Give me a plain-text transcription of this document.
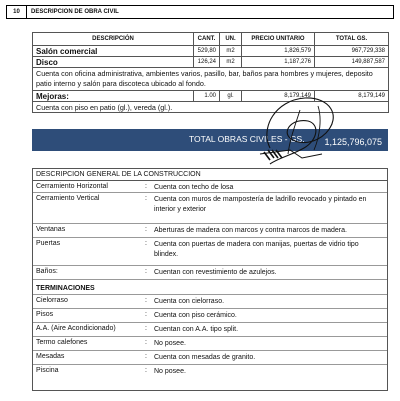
10	DESCRIPCION DE OBRA CIVIL
DESCRIPCIÓN	CANT.	UN.	PRECIO UNITARIO	TOTAL GS.
Salón comercial	529,80	m2	1,826,579	967,729,338
Disco	126,24	m2	1,187,276	149,887,587
Cuenta con oficina administrativa, ambientes varios, pasillo, bar, baños para hombres y mujeres, deposito patio interno y salón para discoteca ubicado al fondo.				
Mejoras:	1.00	gl.	8,179,149	8,179,149
Cuenta con piso en patio (gl.), vereda (gl.).				
TOTAL OBRAS CIVILES - GS. 1,125,796,075
DESCRIPCION GENERAL DE LA CONSTRUCCION
Cerramiento Horizontal	: Cuenta con techo de losa
Cerramiento Vertical	: Cuenta con muros de mampostería de ladrillo revocado y pintado en interior y exterior
Ventanas	: Aberturas de madera con marcos y contra marcos de madera.
Puertas	: Cuenta con puertas de madera con manijas, puertas de vidrio tipo blindex.
Baños:	: Cuentan con revestimiento de azulejos.
TERMINACIONES
Cielorraso	: Cuenta con cielorraso.
Pisos	: Cuenta con piso cerámico.
A.A. (Aire Acondicionado)	: Cuentan con A.A. tipo split.
Termo calefones	: No posee.
Mesadas	: Cuenta con mesadas de granito.
Piscina	: No posee.
